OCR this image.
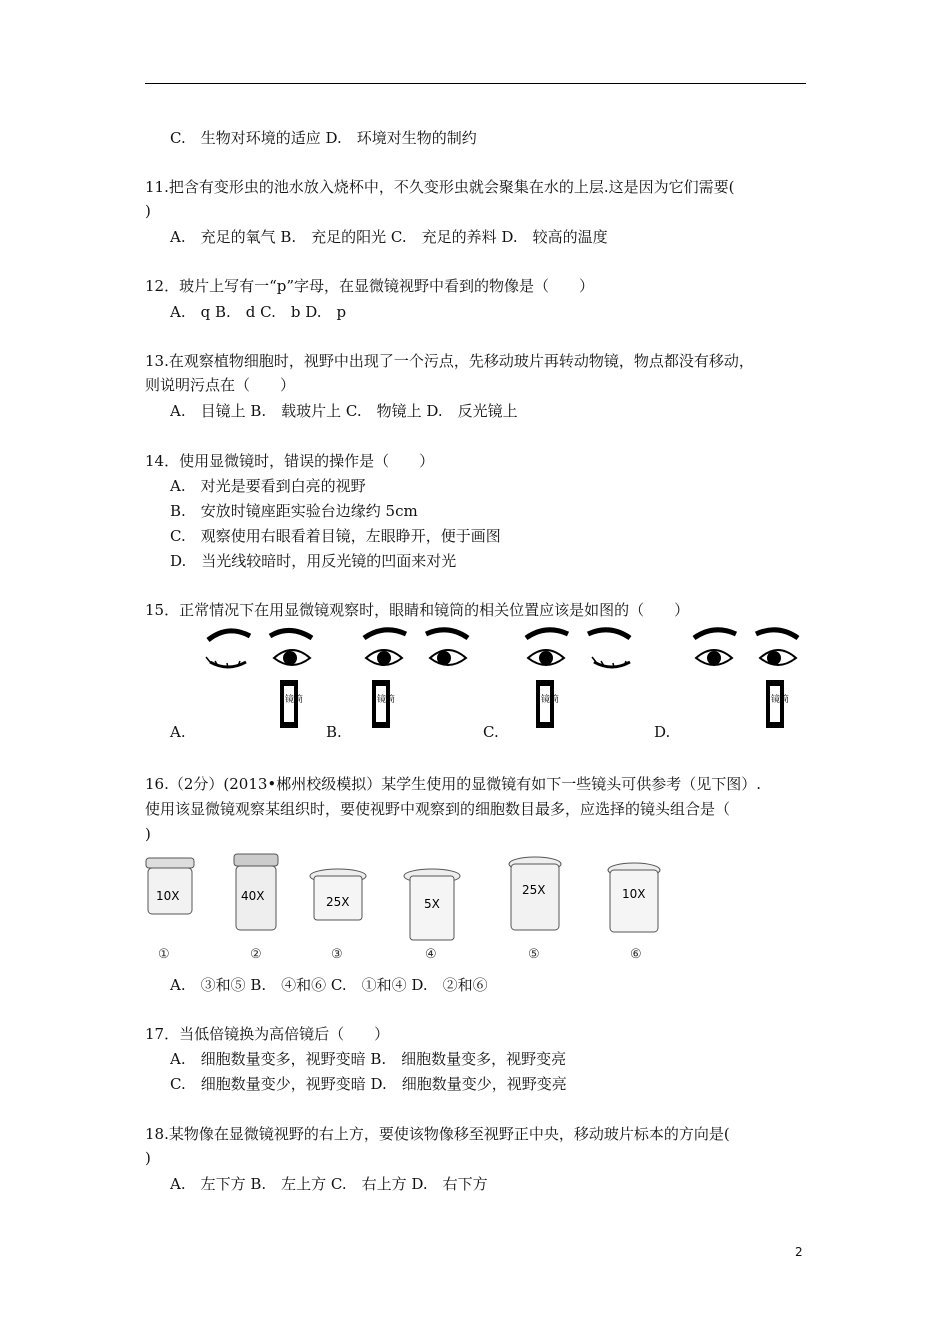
C.　生物对环境的适应 D.　环境对生物的制约
11.把含有变形虫的池水放入烧杯中，不久变形虫就会聚集在水的上层.这是因为它们需要(
)
A.　充足的氧气 B.　充足的阳光 C.　充足的养料 D.　较高的温度
12．玻片上写有一“p”字母，在显微镜视野中看到的物像是（　　）
A.　q B.　d C.　b D.　p
13.在观察植物细胞时，视野中出现了一个污点，先移动玻片再转动物镜，物点都没有移动，
则说明污点在（　　）
A.　目镜上 B.　载玻片上 C.　物镜上 D.　反光镜上
14．使用显微镜时，错误的操作是（　　）
A.　对光是要看到白亮的视野
B.　安放时镜座距实验台边缘约 5cm
C.　观察使用右眼看着目镜，左眼睁开，便于画图
D.　当光线较暗时，用反光镜的凹面来对光
15．正常情况下在用显微镜观察时，眼睛和镜筒的相关位置应该是如图的（　　）
镜筒	镜筒	镜筒	镜筒
A.	B.	C.	D.
16.（2分）(2013•郴州校级模拟）某学生使用的显微镜有如下一些镜头可供参考（见下图）.
使用该显微镜观察某组织时，要使视野中观察到的细胞数目最多，应选择的镜头组合是（
)
10X	40X	25X	5X
25X	10X
①	②	③	④	⑤	⑥
A.　③和⑤ B.　④和⑥ C.　①和④ D.　②和⑥
17．当低倍镜换为高倍镜后（　　）
A.　细胞数量变多，视野变暗 B.　细胞数量变多，视野变亮
C.　细胞数量变少，视野变暗 D.　细胞数量变少，视野变亮
18.某物像在显微镜视野的右上方，要使该物像移至视野正中央，移动玻片标本的方向是(
)
A.　左下方 B.　左上方 C.　右上方 D.　右下方
2
